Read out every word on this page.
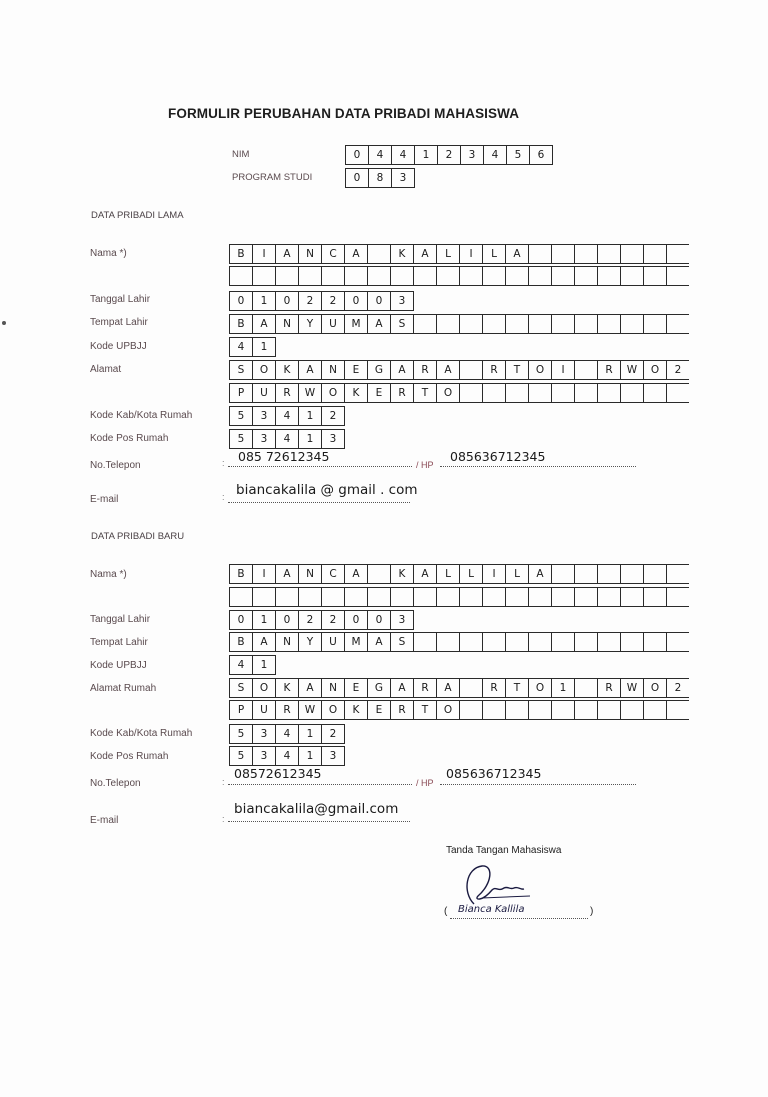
FORMULIR PERUBAHAN DATA PRIBADI MAHASISWA
NIM	0	4	4	1	2	3	4	5	6
PROGRAM STUDI	0	8	3
DATA PRIBADI LAMA
Nama *)	B	I	A	N	C	A	K	A	L	I	L	A
Tanggal Lahir	0	1	0	2	2	0	0	3
Tempat Lahir	B	A	N	Y	U	M	A	S
Kode UPBJJ	4	1
Alamat	S	O	K	A	N	E	G	A	R	A	R	T	O	I	R	W	O	2
P	U	R	W	O	K	E	R	T	O
Kode Kab/Kota Rumah	5	3	4	1	2
Kode Pos Rumah	5	3	4	1	3
No.Telepon	: 085 72612345
/ HP
085636712345
E-mail	: biancakalila @ gmail . com
DATA PRIBADI BARU
Nama *)	B	I	A	N	C	A	K	A	L	L	I	L	A
Tanggal Lahir	0	1	0	2	2	0	0	3
Tempat Lahir	B	A	N	Y	U	M	A	S
Kode UPBJJ	4	1
Alamat Rumah	S	O	K	A	N	E	G	A	R	A	R	T	O	1	R	W	O	2
P	U	R	W	O	K	E	R	T	O
Kode Kab/Kota Rumah	5	3	4	1	2
Kode Pos Rumah	5	3	4	1	3
No.Telepon	:
08572612345
/ HP
085636712345
E-mail	:
biancakalila@gmail.com
Tanda Tangan Mahasiswa
( Bianca Kallila	)
